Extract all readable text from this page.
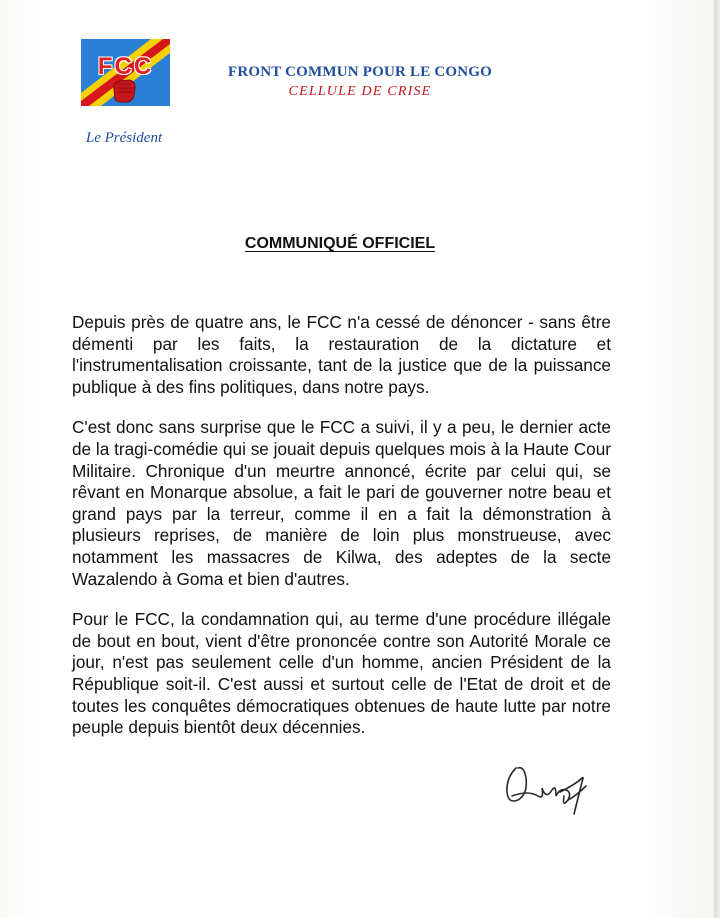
FCC	FRONT COMMUN POUR LE CONGO
CELLULE DE CRISE
Le Président
COMMUNIQUÉ OFFICIEL

Depuis près de quatre ans, le FCC n'a cessé de dénoncer - sans être démenti par les faits, la restauration de la dictature et l'instrumentalisation croissante, tant de la justice que de la puissance publique à des fins politiques, dans notre pays.

C'est donc sans surprise que le FCC a suivi, il y a peu, le dernier acte de la tragi-comédie qui se jouait depuis quelques mois à la Haute Cour Militaire. Chronique d'un meurtre annoncé, écrite par celui qui, se rêvant en Monarque absolue, a fait le pari de gouverner notre beau et grand pays par la terreur, comme il en a fait la démonstration à plusieurs reprises, de manière de loin plus monstrueuse, avec notamment les massacres de Kilwa, des adeptes de la secte Wazalendo à Goma et bien d'autres.

Pour le FCC, la condamnation qui, au terme d'une procédure illégale de bout en bout, vient d'être prononcée contre son Autorité Morale ce jour, n'est pas seulement celle d'un homme, ancien Président de la République soit-il. C'est aussi et surtout celle de l'Etat de droit et de toutes les conquêtes démocratiques obtenues de haute lutte par notre peuple depuis bientôt deux décennies.
